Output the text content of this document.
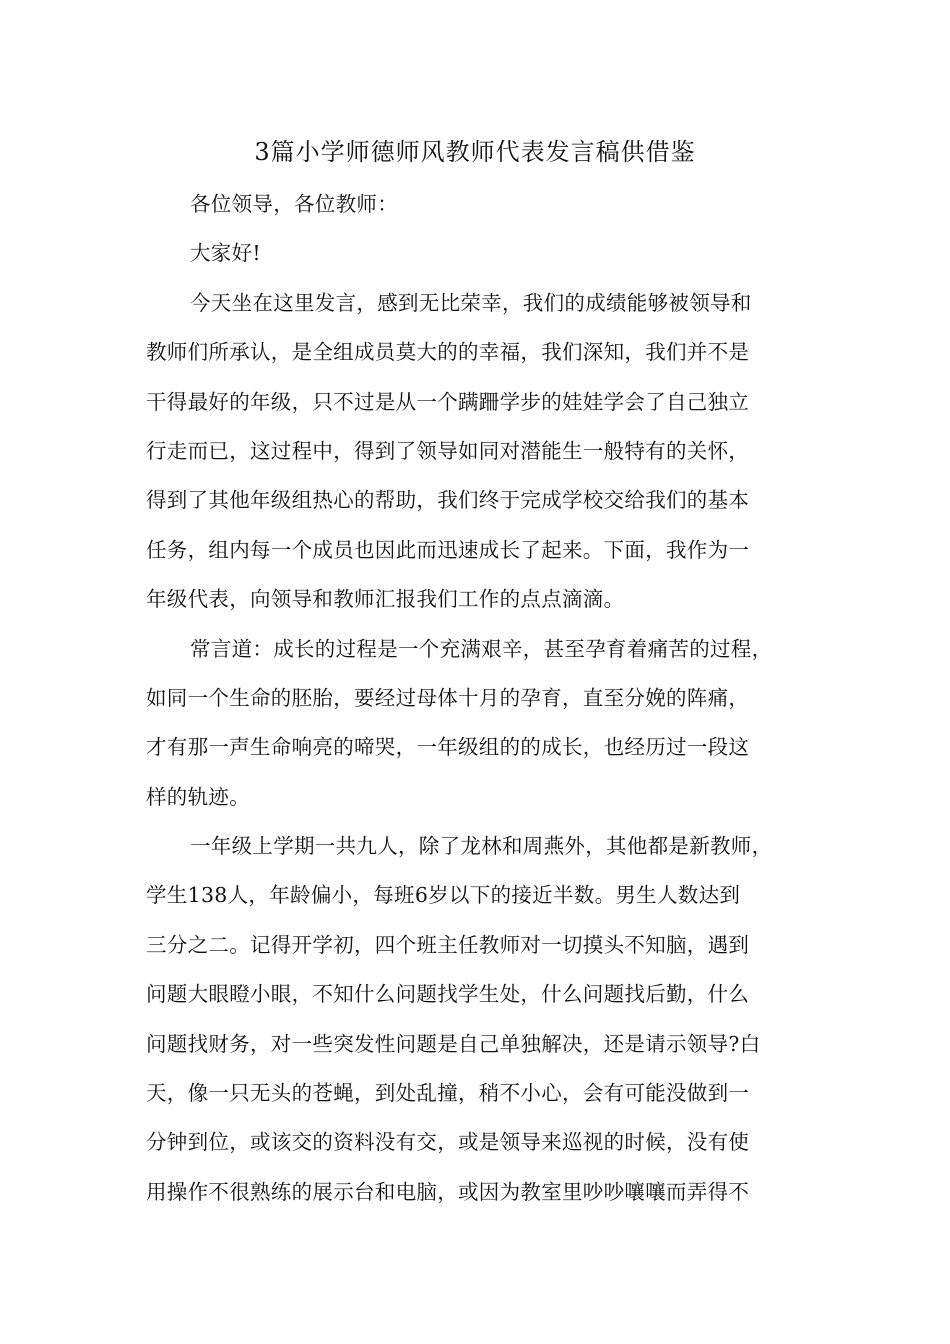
3篇小学师德师风教师代表发言稿供借鉴
各位领导，各位教师：
大家好!
今天坐在这里发言，感到无比荣幸，我们的成绩能够被领导和
教师们所承认，是全组成员莫大的的幸福，我们深知，我们并不是
干得最好的年级，只不过是从一个蹒跚学步的娃娃学会了自己独立
行走而已，这过程中，得到了领导如同对潜能生一般特有的关怀，
得到了其他年级组热心的帮助，我们终于完成学校交给我们的基本
任务，组内每一个成员也因此而迅速成长了起来。下面，我作为一
年级代表，向领导和教师汇报我们工作的点点滴滴。
常言道：成长的过程是一个充满艰辛，甚至孕育着痛苦的过程，
如同一个生命的胚胎，要经过母体十月的孕育，直至分娩的阵痛，
才有那一声生命响亮的啼哭，一年级组的的成长，也经历过一段这
样的轨迹。
一年级上学期一共九人，除了龙林和周燕外，其他都是新教师，
学生138人，年龄偏小，每班6岁以下的接近半数。男生人数达到
三分之二。记得开学初，四个班主任教师对一切摸头不知脑，遇到
问题大眼瞪小眼，不知什么问题找学生处，什么问题找后勤，什么
问题找财务，对一些突发性问题是自己单独解决，还是请示领导?白
天，像一只无头的苍蝇，到处乱撞，稍不小心，会有可能没做到一
分钟到位，或该交的资料没有交，或是领导来巡视的时候，没有使
用操作不很熟练的展示台和电脑，或因为教室里吵吵嚷嚷而弄得不
